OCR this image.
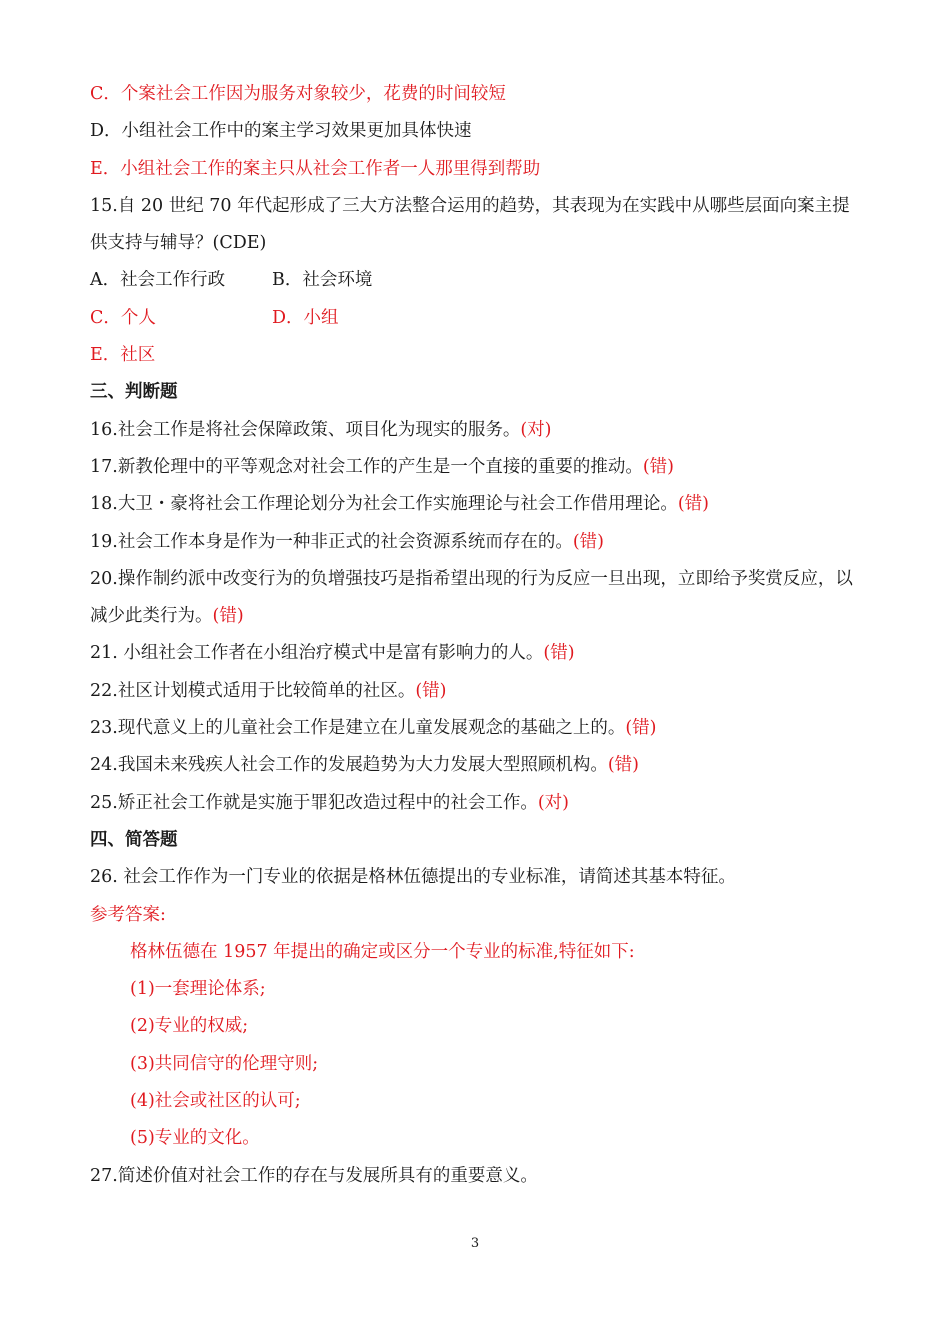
C．个案社会工作因为服务对象较少，花费的时间较短
D．小组社会工作中的案主学习效果更加具体快速
E．小组社会工作的案主只从社会工作者一人那里得到帮助
15.自 20 世纪 70 年代起形成了三大方法整合运用的趋势，其表现为在实践中从哪些层面向案主提供支持与辅导？(CDE)
A．社会工作行政	B．社会环境
C．个人	D．小组
E．社区
三、判断题
16.社会工作是将社会保障政策、项目化为现实的服务。(对)
17.新教伦理中的平等观念对社会工作的产生是一个直接的重要的推动。(错)
18.大卫・豪将社会工作理论划分为社会工作实施理论与社会工作借用理论。(错)
19.社会工作本身是作为一种非正式的社会资源系统而存在的。(错)
20.操作制约派中改变行为的负增强技巧是指希望出现的行为反应一旦出现，立即给予奖赏反应，以减少此类行为。(错)
21. 小组社会工作者在小组治疗模式中是富有影响力的人。(错)
22.社区计划模式适用于比较简单的社区。(错)
23.现代意义上的儿童社会工作是建立在儿童发展观念的基础之上的。(错)
24.我国未来残疾人社会工作的发展趋势为大力发展大型照顾机构。(错)
25.矫正社会工作就是实施于罪犯改造过程中的社会工作。(对)
四、简答题
26. 社会工作作为一门专业的依据是格林伍德提出的专业标准，请简述其基本特征。
参考答案:
格林伍德在 1957 年提出的确定或区分一个专业的标准,特征如下:
(1)一套理论体系;
(2)专业的权威;
(3)共同信守的伦理守则;
(4)社会或社区的认可;
(5)专业的文化。
27.简述价值对社会工作的存在与发展所具有的重要意义。
3
